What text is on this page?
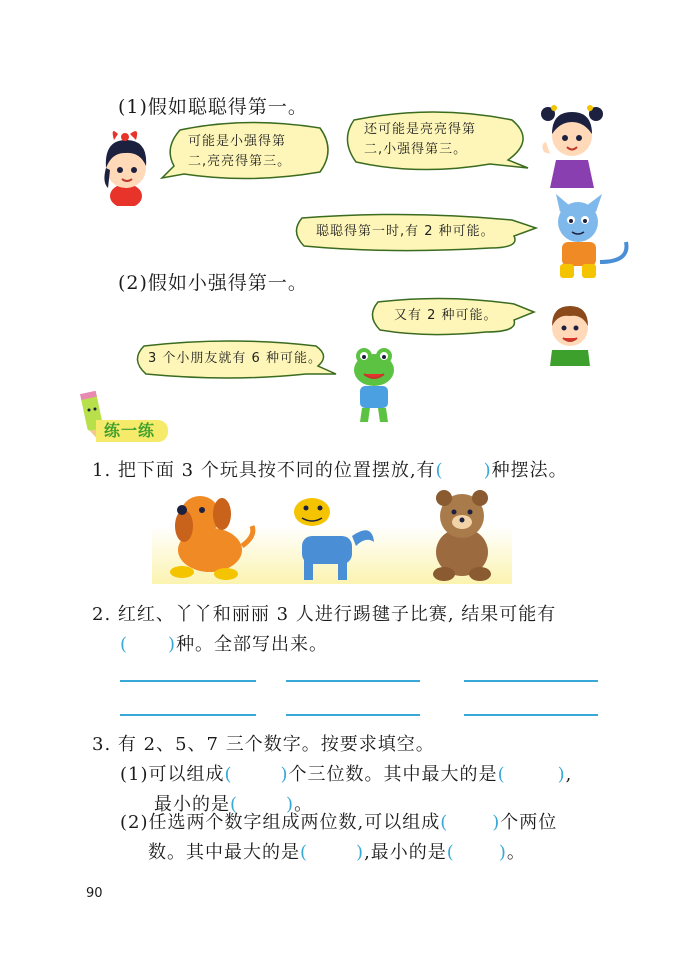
(1)假如聪聪得第一。
可能是小强得第
二,亮亮得第三。
还可能是亮亮得第
二,小强得第三。
聪聪得第一时,有 2 种可能。
(2)假如小强得第一。
又有 2 种可能。
3 个小朋友就有 6 种可能。
练一练
1. 把下面 3 个玩具按不同的位置摆放,有( )种摆法。
2. 红红、丫丫和丽丽 3 人进行踢毽子比赛, 结果可能有
( )种。全部写出来。
3. 有 2、5、7 三个数字。按要求填空。
(1)可以组成(	)个三位数。其中最大的是(	),
最小的是(	)。
(2)任选两个数字组成两位数,可以组成( )个两位
数。其中最大的是(	),最小的是( )。
90
